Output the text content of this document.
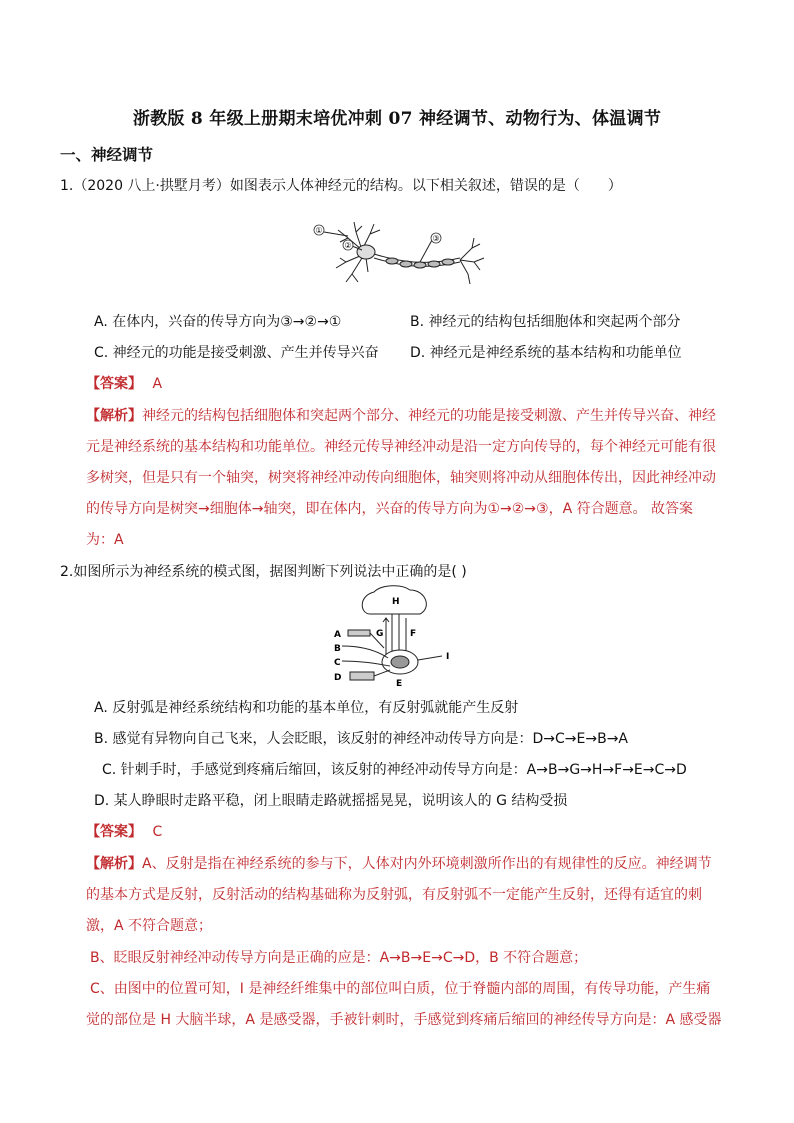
浙教版 8 年级上册期末培优冲刺 07 神经调节、动物行为、体温调节
一、神经调节
1.（2020 八上·拱墅月考）如图表示人体神经元的结构。以下相关叙述，错误的是（　　）
①
②
③
A. 在体内，兴奋的传导方向为③→②→①	B. 神经元的结构包括细胞体和突起两个部分
C. 神经元的功能是接受刺激、产生并传导兴奋 D. 神经元是神经系统的基本结构和功能单位
【答案】 A
【解析】神经元的结构包括细胞体和突起两个部分、神经元的功能是接受刺激、产生并传导兴奋、神经
元是神经系统的基本结构和功能单位。神经元传导神经冲动是沿一定方向传导的，每个神经元可能有很
多树突，但是只有一个轴突，树突将神经冲动传向细胞体，轴突则将冲动从细胞体传出，因此神经冲动
的传导方向是树突→细胞体→轴突，即在体内，兴奋的传导方向为①→②→③，A 符合题意。 故答案
为：A
2.如图所示为神经系统的模式图，据图判断下列说法中正确的是( )
H
G	F
A
B
C
D
E
I
A. 反射弧是神经系统结构和功能的基本单位，有反射弧就能产生反射
B. 感觉有异物向自己飞来，人会眨眼，该反射的神经冲动传导方向是：D→C→E→B→A
C. 针刺手时，手感觉到疼痛后缩回，该反射的神经冲动传导方向是：A→B→G→H→F→E→C→D
D. 某人睁眼时走路平稳，闭上眼睛走路就摇摇晃晃，说明该人的 G 结构受损
【答案】 C
【解析】A、反射是指在神经系统的参与下，人体对内外环境刺激所作出的有规律性的反应。神经调节
的基本方式是反射，反射活动的结构基础称为反射弧，有反射弧不一定能产生反射，还得有适宜的刺
激，A 不符合题意；
B、眨眼反射神经冲动传导方向是正确的应是：A→B→E→C→D，B 不符合题意；
C、由图中的位置可知，I 是神经纤维集中的部位叫白质，位于脊髓内部的周围，有传导功能，产生痛
觉的部位是 H 大脑半球，A 是感受器，手被针刺时，手感觉到疼痛后缩回的神经传导方向是：A 感受器
